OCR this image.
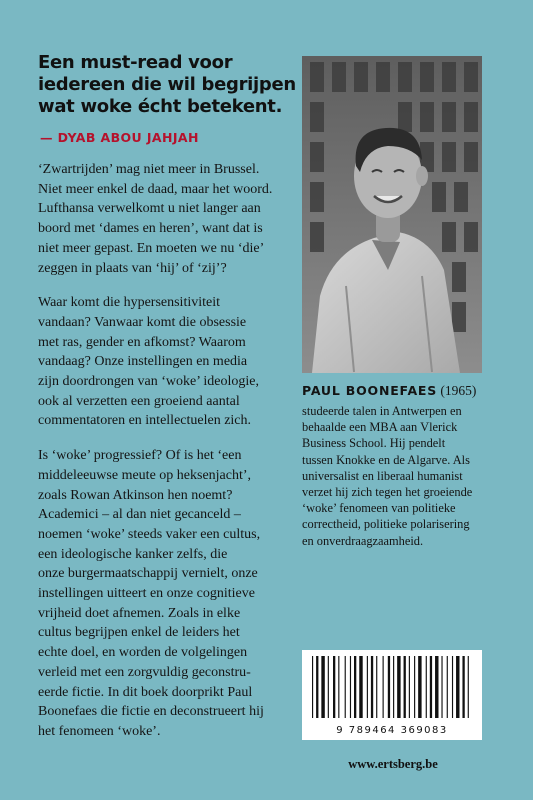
Een must-read voor
iedereen die wil begrijpen
wat woke écht betekent.
— DYAB ABOU JAHJAH

‘Zwartrijden’ mag niet meer in Brussel.
Niet meer enkel de daad, maar het woord.
Lufthansa verwelkomt u niet langer aan
boord met ‘dames en heren’, want dat is
niet meer gepast. En moeten we nu ‘die’
zeggen in plaats van ‘hij’ of ‘zij’?

Waar komt die hypersensitiviteit
vandaan? Vanwaar komt die obsessie
met ras, gender en afkomst? Waarom
vandaag? Onze instellingen en media
zijn doordrongen van ‘woke’ ideologie,
ook al verzetten een groeiend aantal
commentatoren en intellectuelen zich.

Is ‘woke’ progressief? Of is het ‘een
middeleeuwse meute op heksenjacht’,
zoals Rowan Atkinson hen noemt?
Academici – al dan niet gecanceld –
noemen ‘woke’ steeds vaker een cultus,
een ideologische kanker zelfs, die
onze burgermaatschappij vernielt, onze
instellingen uitteert en onze cognitieve
vrijheid doet afnemen. Zoals in elke
cultus begrijpen enkel de leiders het
echte doel, en worden de volgelingen
verleid met een zorgvuldig geconstru-
eerde fictie. In dit boek doorprikt Paul
Boonefaes die fictie en deconstrueert hij
het fenomeen ‘woke’.

PAUL BOONEFAES (1965)
studeerde talen in Antwerpen en
behaalde een MBA aan Vlerick
Business School. Hij pendelt
tussen Knokke en de Algarve. Als
universalist en liberaal humanist
verzet hij zich tegen het groeiende
‘woke’ fenomeen van politieke
correctheid, politieke polarisering
en onverdraagzaamheid.
9 789464 369083
www.ertsberg.be
